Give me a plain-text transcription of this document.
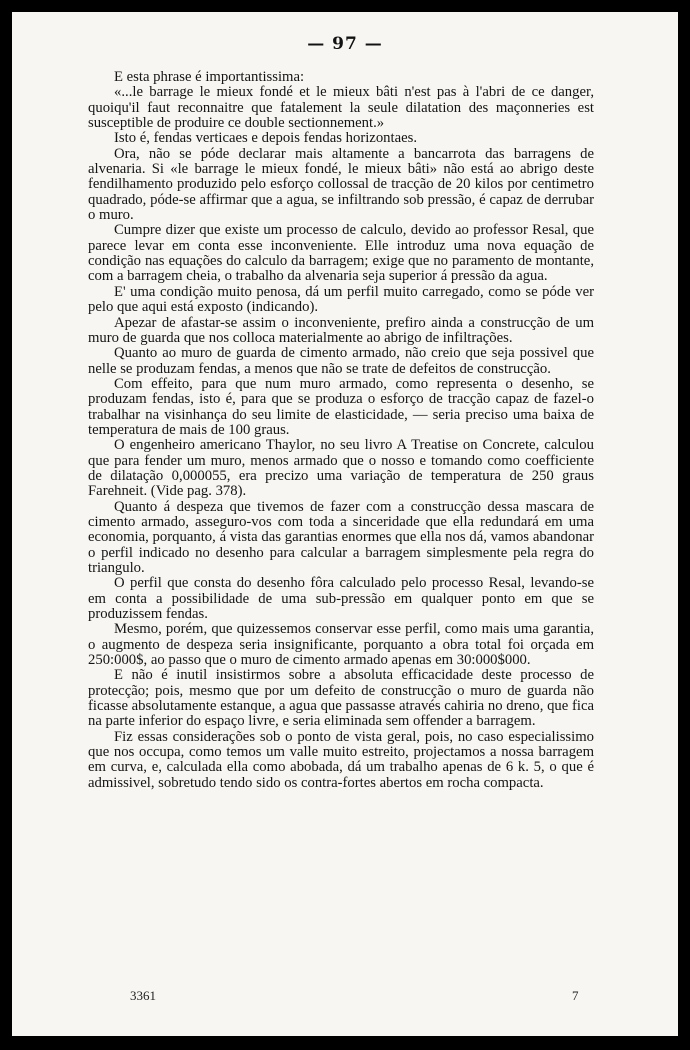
— 97 —

E esta phrase é importantissima:

«...le barrage le mieux fondé et le mieux bâti n'est pas à l'abri de ce danger, quoiqu'il faut reconnaitre que fatalement la seule dilatation des maçonneries est susceptible de produire ce double sectionnement.»

Isto é, fendas verticaes e depois fendas horizontaes.

Ora, não se póde declarar mais altamente a bancarrota das barragens de alvenaria. Si «le barrage le mieux fondé, le mieux bâti» não está ao abrigo deste fendilhamento produzido pelo esforço collossal de tracção de 20 kilos por centimetro quadrado, póde-se affirmar que a agua, se infiltrando sob pressão, é capaz de derrubar o muro.

Cumpre dizer que existe um processo de calculo, devido ao professor Resal, que parece levar em conta esse inconveniente. Elle introduz uma nova equação de condição nas equações do calculo da barragem; exige que no paramento de montante, com a barragem cheia, o trabalho da alvenaria seja superior á pressão da agua.

E' uma condição muito penosa, dá um perfil muito carregado, como se póde ver pelo que aqui está exposto (indicando).

Apezar de afastar-se assim o inconveniente, prefiro ainda a construcção de um muro de guarda que nos colloca materialmente ao abrigo de infiltrações.

Quanto ao muro de guarda de cimento armado, não creio que seja possivel que nelle se produzam fendas, a menos que não se trate de defeitos de construcção.

Com effeito, para que num muro armado, como representa o desenho, se produzam fendas, isto é, para que se produza o esforço de tracção capaz de fazel-o trabalhar na visinhança do seu limite de elasticidade, — seria preciso uma baixa de temperatura de mais de 100 graus.

O engenheiro americano Thaylor, no seu livro A Treatise on Concrete, calculou que para fender um muro, menos armado que o nosso e tomando como coefficiente de dilatação 0,000055, era precizo uma variação de temperatura de 250 graus Farehneit. (Vide pag. 378).

Quanto á despeza que tivemos de fazer com a construcção dessa mascara de cimento armado, asseguro-vos com toda a sinceridade que ella redundará em uma economia, porquanto, á vista das garantias enormes que ella nos dá, vamos abandonar o perfil indicado no desenho para calcular a barragem simplesmente pela regra do triangulo.

O perfil que consta do desenho fôra calculado pelo processo Resal, levando-se em conta a possibilidade de uma sub-pressão em qualquer ponto em que se produzissem fendas.

Mesmo, porém, que quizessemos conservar esse perfil, como mais uma garantia, o augmento de despeza seria insignificante, porquanto a obra total foi orçada em 250:000$, ao passo que o muro de cimento armado apenas em 30:000$000.

E não é inutil insistirmos sobre a absoluta efficacidade deste processo de protecção; pois, mesmo que por um defeito de construcção o muro de guarda não ficasse absolutamente estanque, a agua que passasse através cahiria no dreno, que fica na parte inferior do espaço livre, e seria eliminada sem offender a barragem.

Fiz essas considerações sob o ponto de vista geral, pois, no caso especialissimo que nos occupa, como temos um valle muito estreito, projectamos a nossa barragem em curva, e, calculada ella como abobada, dá um trabalho apenas de 6 k. 5, o que é admissivel, sobretudo tendo sido os contra-fortes abertos em rocha compacta.

3361	7
